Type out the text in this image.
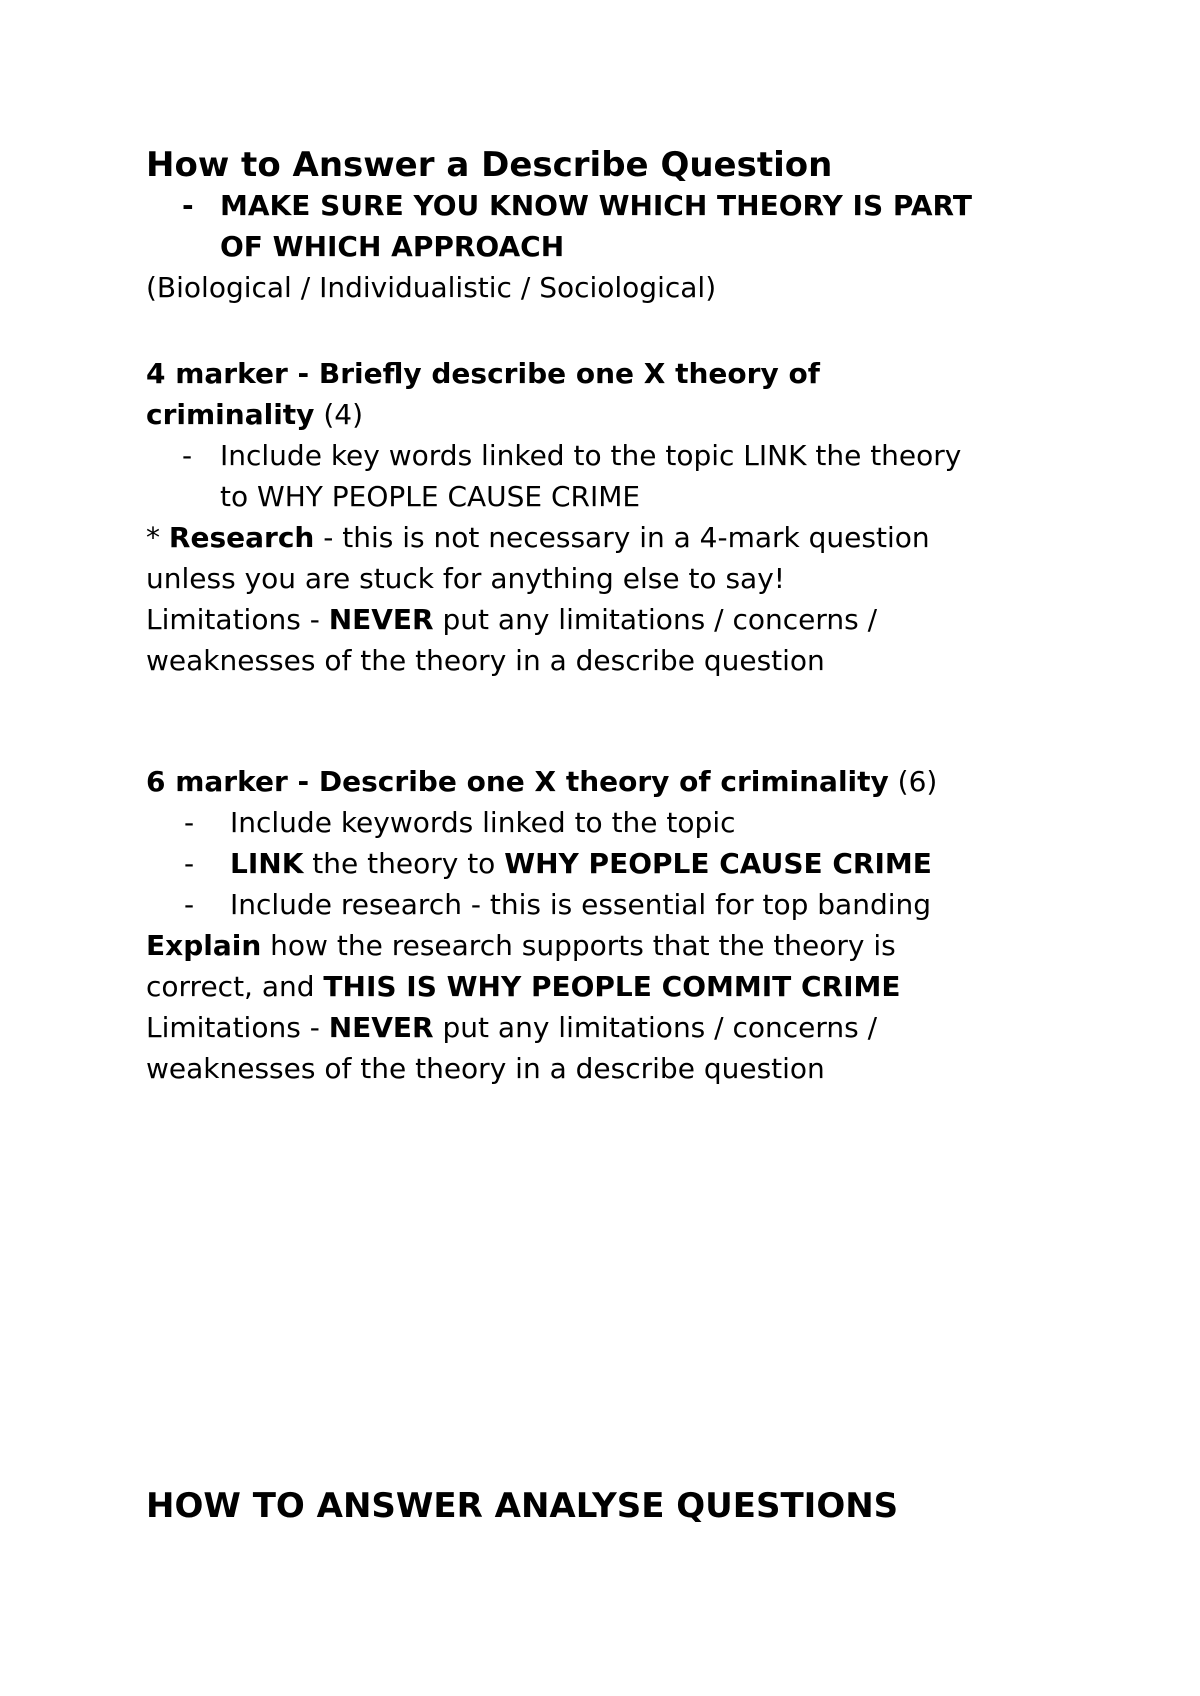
How to Answer a Describe Question

- MAKE SURE YOU KNOW WHICH THEORY IS PART
OF WHICH APPROACH

(Biological / Individualistic / Sociological)

4 marker - Briefly describe one X theory of

criminality (4)

- Include key words linked to the topic LINK the theory
to WHY PEOPLE CAUSE CRIME

* Research - this is not necessary in a 4-mark question

unless you are stuck for anything else to say!

Limitations - NEVER put any limitations / concerns /

weaknesses of the theory in a describe question

6 marker - Describe one X theory of criminality (6)

- Include keywords linked to the topic
- LINK the theory to WHY PEOPLE CAUSE CRIME
- Include research - this is essential for top banding

Explain how the research supports that the theory is

correct, and THIS IS WHY PEOPLE COMMIT CRIME

Limitations - NEVER put any limitations / concerns /

weaknesses of the theory in a describe question

HOW TO ANSWER ANALYSE QUESTIONS
